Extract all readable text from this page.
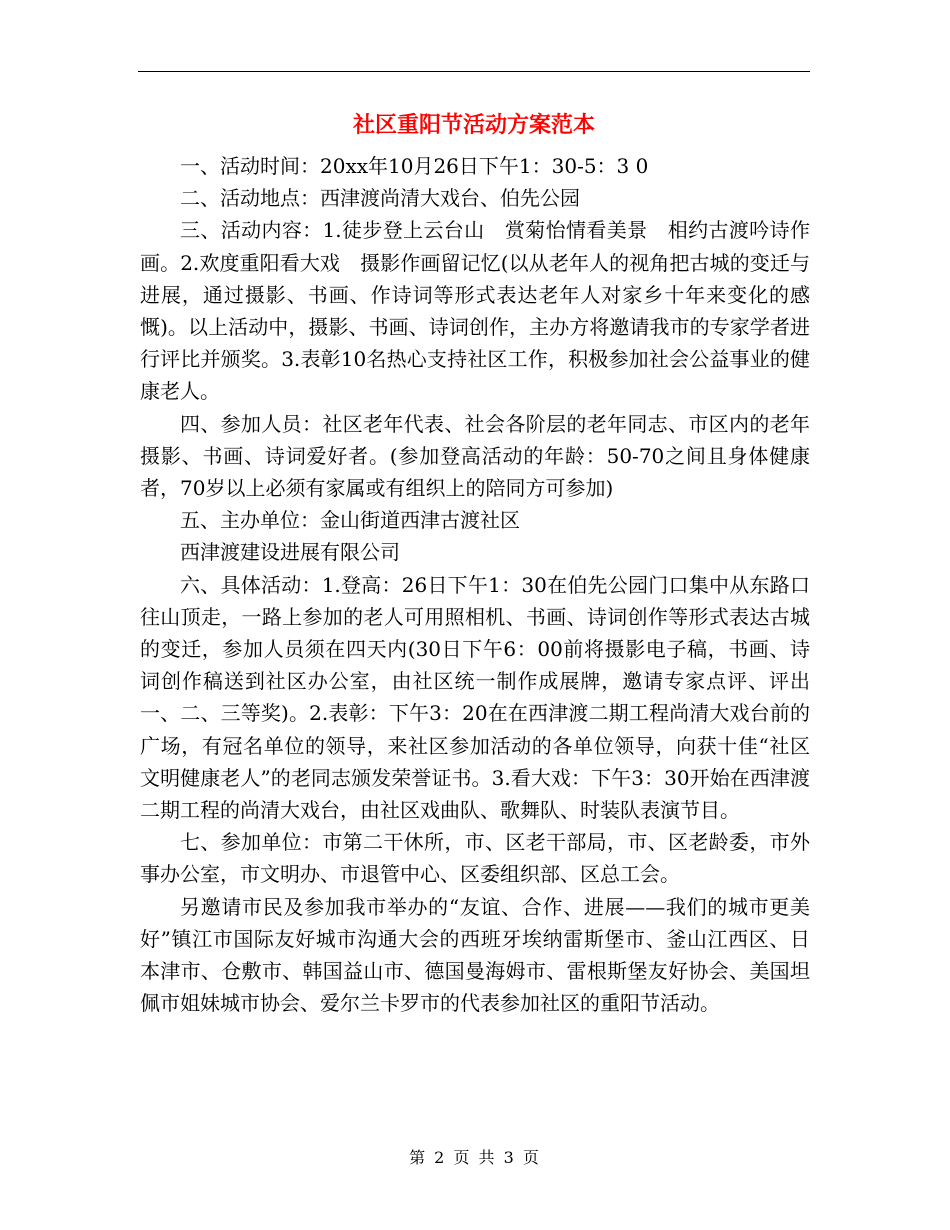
社区重阳节活动方案范本

一、活动时间：20xx年10月26日下午1：30-5：3 0

二、活动地点：西津渡尚清大戏台、伯先公园

三、活动内容：1.徒步登上云台山　赏菊怡情看美景　相约古渡吟诗作画。2.欢度重阳看大戏　摄影作画留记忆(以从老年人的视角把古城的变迁与进展，通过摄影、书画、作诗词等形式表达老年人对家乡十年来变化的感慨)。以上活动中，摄影、书画、诗词创作，主办方将邀请我市的专家学者进行评比并颁奖。3.表彰10名热心支持社区工作，积极参加社会公益事业的健康老人。

四、参加人员：社区老年代表、社会各阶层的老年同志、市区内的老年摄影、书画、诗词爱好者。(参加登高活动的年龄：50-70之间且身体健康者，70岁以上必须有家属或有组织上的陪同方可参加)

五、主办单位：金山街道西津古渡社区

西津渡建设进展有限公司

六、具体活动：1.登高：26日下午1：30在伯先公园门口集中从东路口往山顶走，一路上参加的老人可用照相机、书画、诗词创作等形式表达古城的变迁，参加人员须在四天内(30日下午6：00前将摄影电子稿，书画、诗词创作稿送到社区办公室，由社区统一制作成展牌，邀请专家点评、评出一、二、三等奖)。2.表彰：下午3：20在在西津渡二期工程尚清大戏台前的广场，有冠名单位的领导，来社区参加活动的各单位领导，向获十佳“社区文明健康老人”的老同志颁发荣誉证书。3.看大戏：下午3：30开始在西津渡二期工程的尚清大戏台，由社区戏曲队、歌舞队、时装队表演节目。

七、参加单位：市第二干休所，市、区老干部局，市、区老龄委，市外事办公室，市文明办、市退管中心、区委组织部、区总工会。

另邀请市民及参加我市举办的“友谊、合作、进展——我们的城市更美好”镇江市国际友好城市沟通大会的西班牙埃纳雷斯堡市、釜山江西区、日本津市、仓敷市、韩国益山市、德国曼海姆市、雷根斯堡友好协会、美国坦佩市姐妹城市协会、爱尔兰卡罗市的代表参加社区的重阳节活动。

第 2 页 共 3 页
